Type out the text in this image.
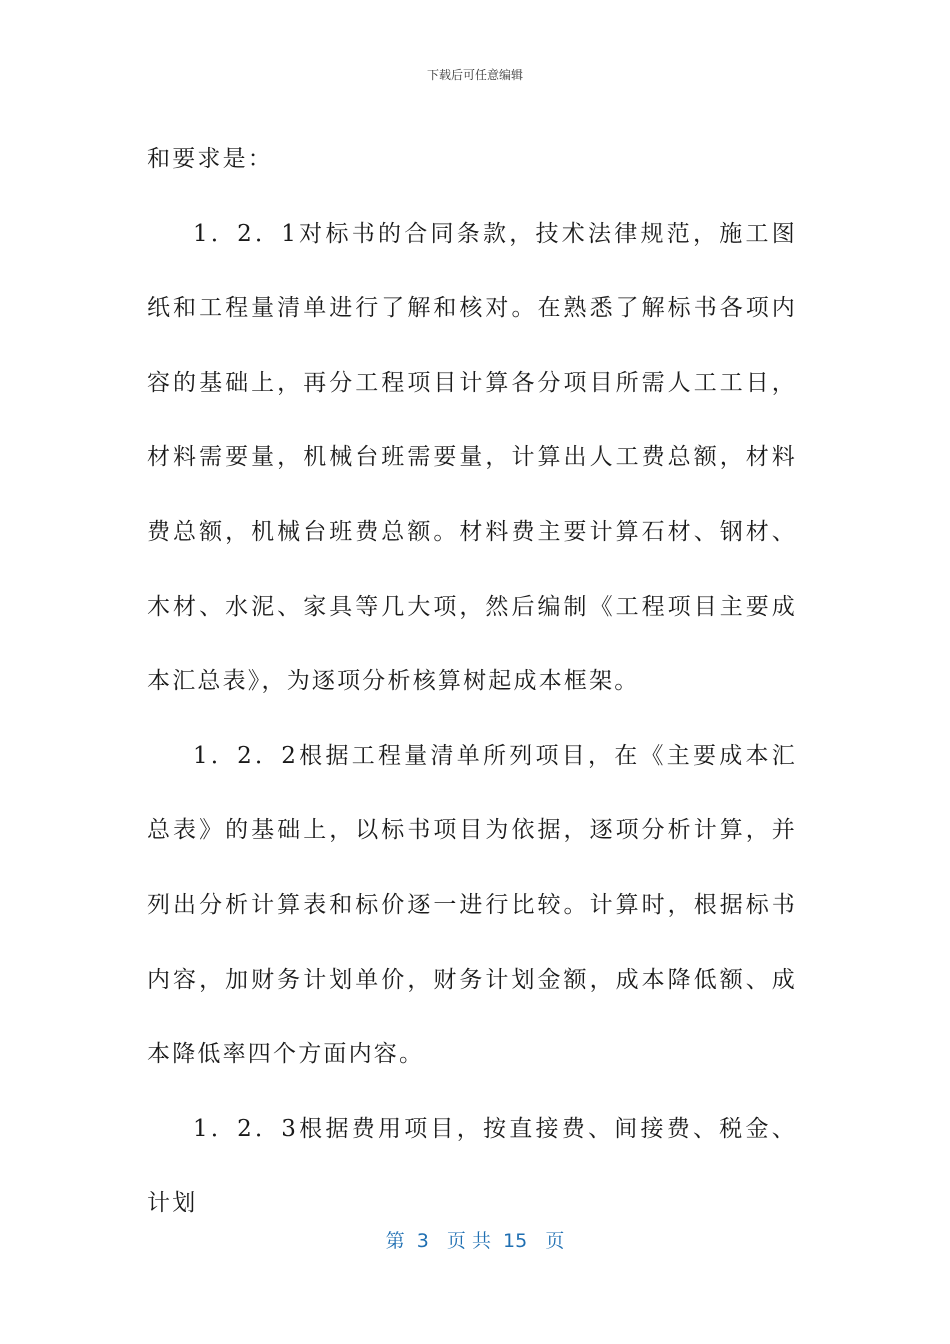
下载后可任意编辑

和要求是：

1．2．1对标书的合同条款，技术法律规范，施工图纸和工程量清单进行了解和核对。在熟悉了解标书各项内容的基础上，再分工程项目计算各分项目所需人工工日，材料需要量，机械台班需要量，计算出人工费总额，材料费总额，机械台班费总额。材料费主要计算石材、钢材、木材、水泥、家具等几大项，然后编制《工程项目主要成本汇总表》，为逐项分析核算树起成本框架。

1．2．2根据工程量清单所列项目，在《主要成本汇总表》的基础上，以标书项目为依据，逐项分析计算，并列出分析计算表和标价逐一进行比较。计算时，根据标书内容，加财务计划单价，财务计划金额，成本降低额、成本降低率四个方面内容。

1．2．3根据费用项目，按直接费、间接费、税金、计划

第  3   页 共  15   页
